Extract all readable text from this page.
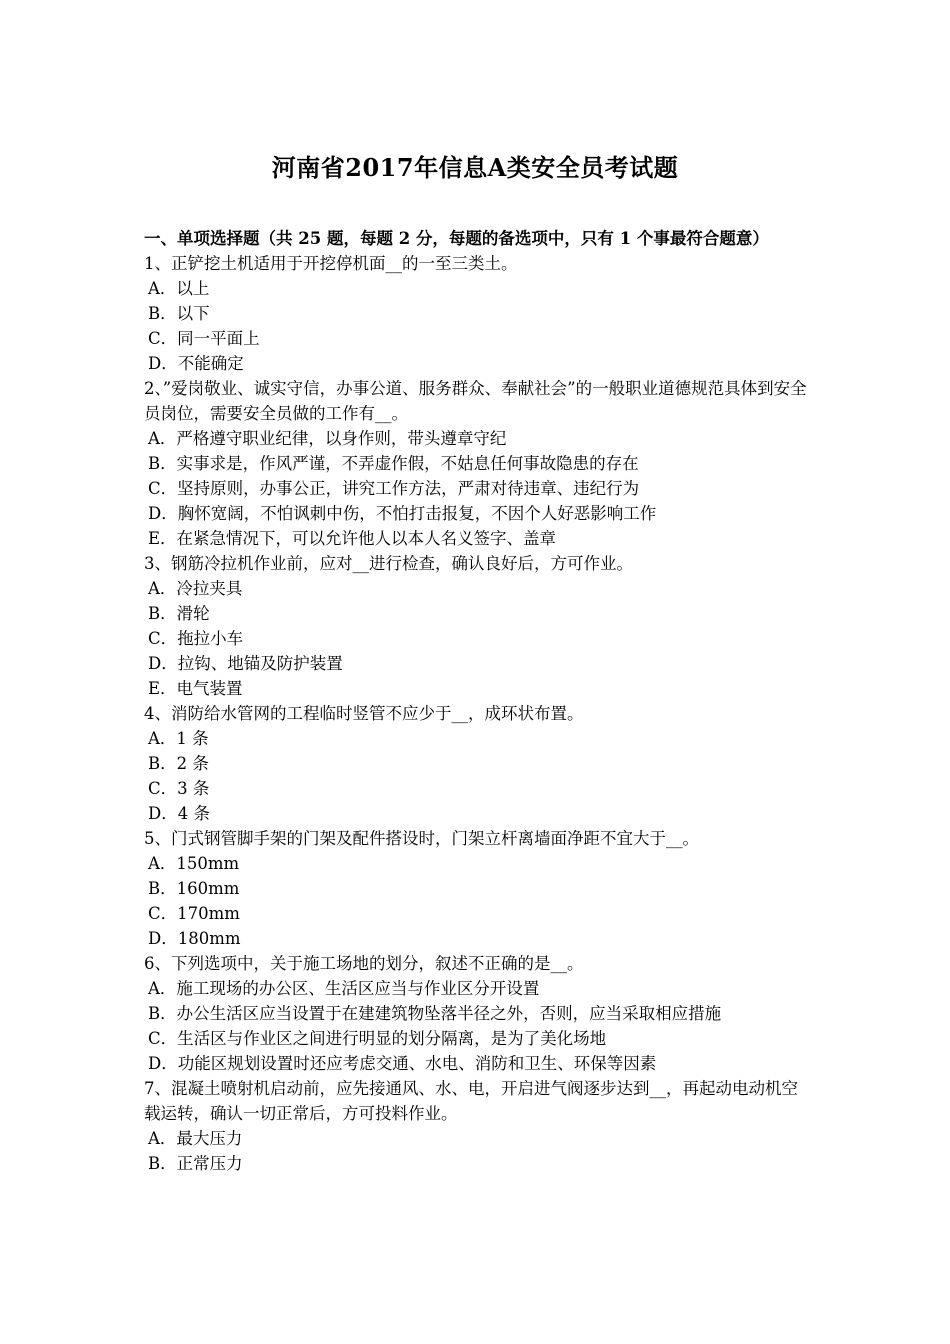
河南省2017年信息A类安全员考试题

一、单项选择题（共 25 题，每题 2 分，每题的备选项中，只有 1 个事最符合题意）

1、正铲挖土机适用于开挖停机面__的一至三类土。

A．以上

B．以下

C．同一平面上

D．不能确定

2、”爱岗敬业、诚实守信，办事公道、服务群众、奉献社会”的一般职业道德规范具体到安全员岗位，需要安全员做的工作有__。

A．严格遵守职业纪律，以身作则，带头遵章守纪

B．实事求是，作风严谨，不弄虚作假，不姑息任何事故隐患的存在

C．坚持原则，办事公正，讲究工作方法，严肃对待违章、违纪行为

D．胸怀宽阔，不怕讽刺中伤，不怕打击报复，不因个人好恶影响工作

E．在紧急情况下，可以允许他人以本人名义签字、盖章

3、钢筋冷拉机作业前，应对__进行检查，确认良好后，方可作业。

A．冷拉夹具

B．滑轮

C．拖拉小车

D．拉钩、地锚及防护装置

E．电气装置

4、消防给水管网的工程临时竖管不应少于__，成环状布置。

A．1 条

B．2 条

C．3 条

D．4 条

5、门式钢管脚手架的门架及配件搭设时，门架立杆离墙面净距不宜大于__。

A．150mm

B．160mm

C．170mm

D．180mm

6、下列选项中，关于施工场地的划分，叙述不正确的是__。

A．施工现场的办公区、生活区应当与作业区分开设置

B．办公生活区应当设置于在建建筑物坠落半径之外，否则，应当采取相应措施

C．生活区与作业区之间进行明显的划分隔离，是为了美化场地

D．功能区规划设置时还应考虑交通、水电、消防和卫生、环保等因素

7、混凝土喷射机启动前，应先接通风、水、电，开启进气阀逐步达到__，再起动电动机空载运转，确认一切正常后，方可投料作业。

A．最大压力

B．正常压力
